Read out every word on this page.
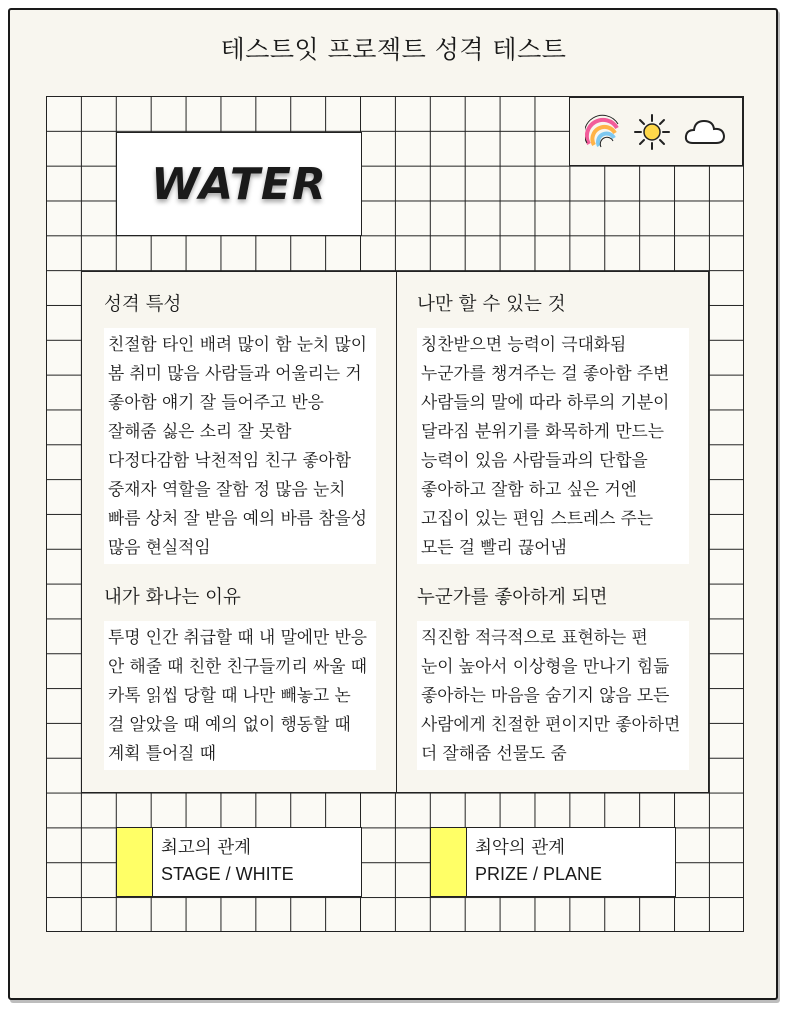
테스트잇 프로젝트 성격 테스트
WATER
성격 특성
친절함 타인 배려 많이 함 눈치 많이 봄 취미 많음 사람들과 어울리는 거 좋아함 얘기 잘 들어주고 반응 잘해줌 싫은 소리 잘 못함 다정다감함 낙천적임 친구 좋아함 중재자 역할을 잘함 정 많음 눈치 빠름 상처 잘 받음 예의 바름 참을성 많음 현실적임
나만 할 수 있는 것
칭찬받으면 능력이 극대화됨 누군가를 챙겨주는 걸 좋아함 주변 사람들의 말에 따라 하루의 기분이 달라짐 분위기를 화목하게 만드는 능력이 있음 사람들과의 단합을 좋아하고 잘함 하고 싶은 거엔 고집이 있는 편임 스트레스 주는 모든 걸 빨리 끊어냄
내가 화나는 이유
투명 인간 취급할 때 내 말에만 반응 안 해줄 때 친한 친구들끼리 싸울 때 카톡 읽씹 당할 때 나만 빼놓고 논 걸 알았을 때 예의 없이 행동할 때 계획 틀어질 때
누군가를 좋아하게 되면
직진함 적극적으로 표현하는 편 눈이 높아서 이상형을 만나기 힘듦 좋아하는 마음을 숨기지 않음 모든 사람에게 친절한 편이지만 좋아하면 더 잘해줌 선물도 줌
최고의 관계
STAGE / WHITE
최악의 관계
PRIZE / PLANE
